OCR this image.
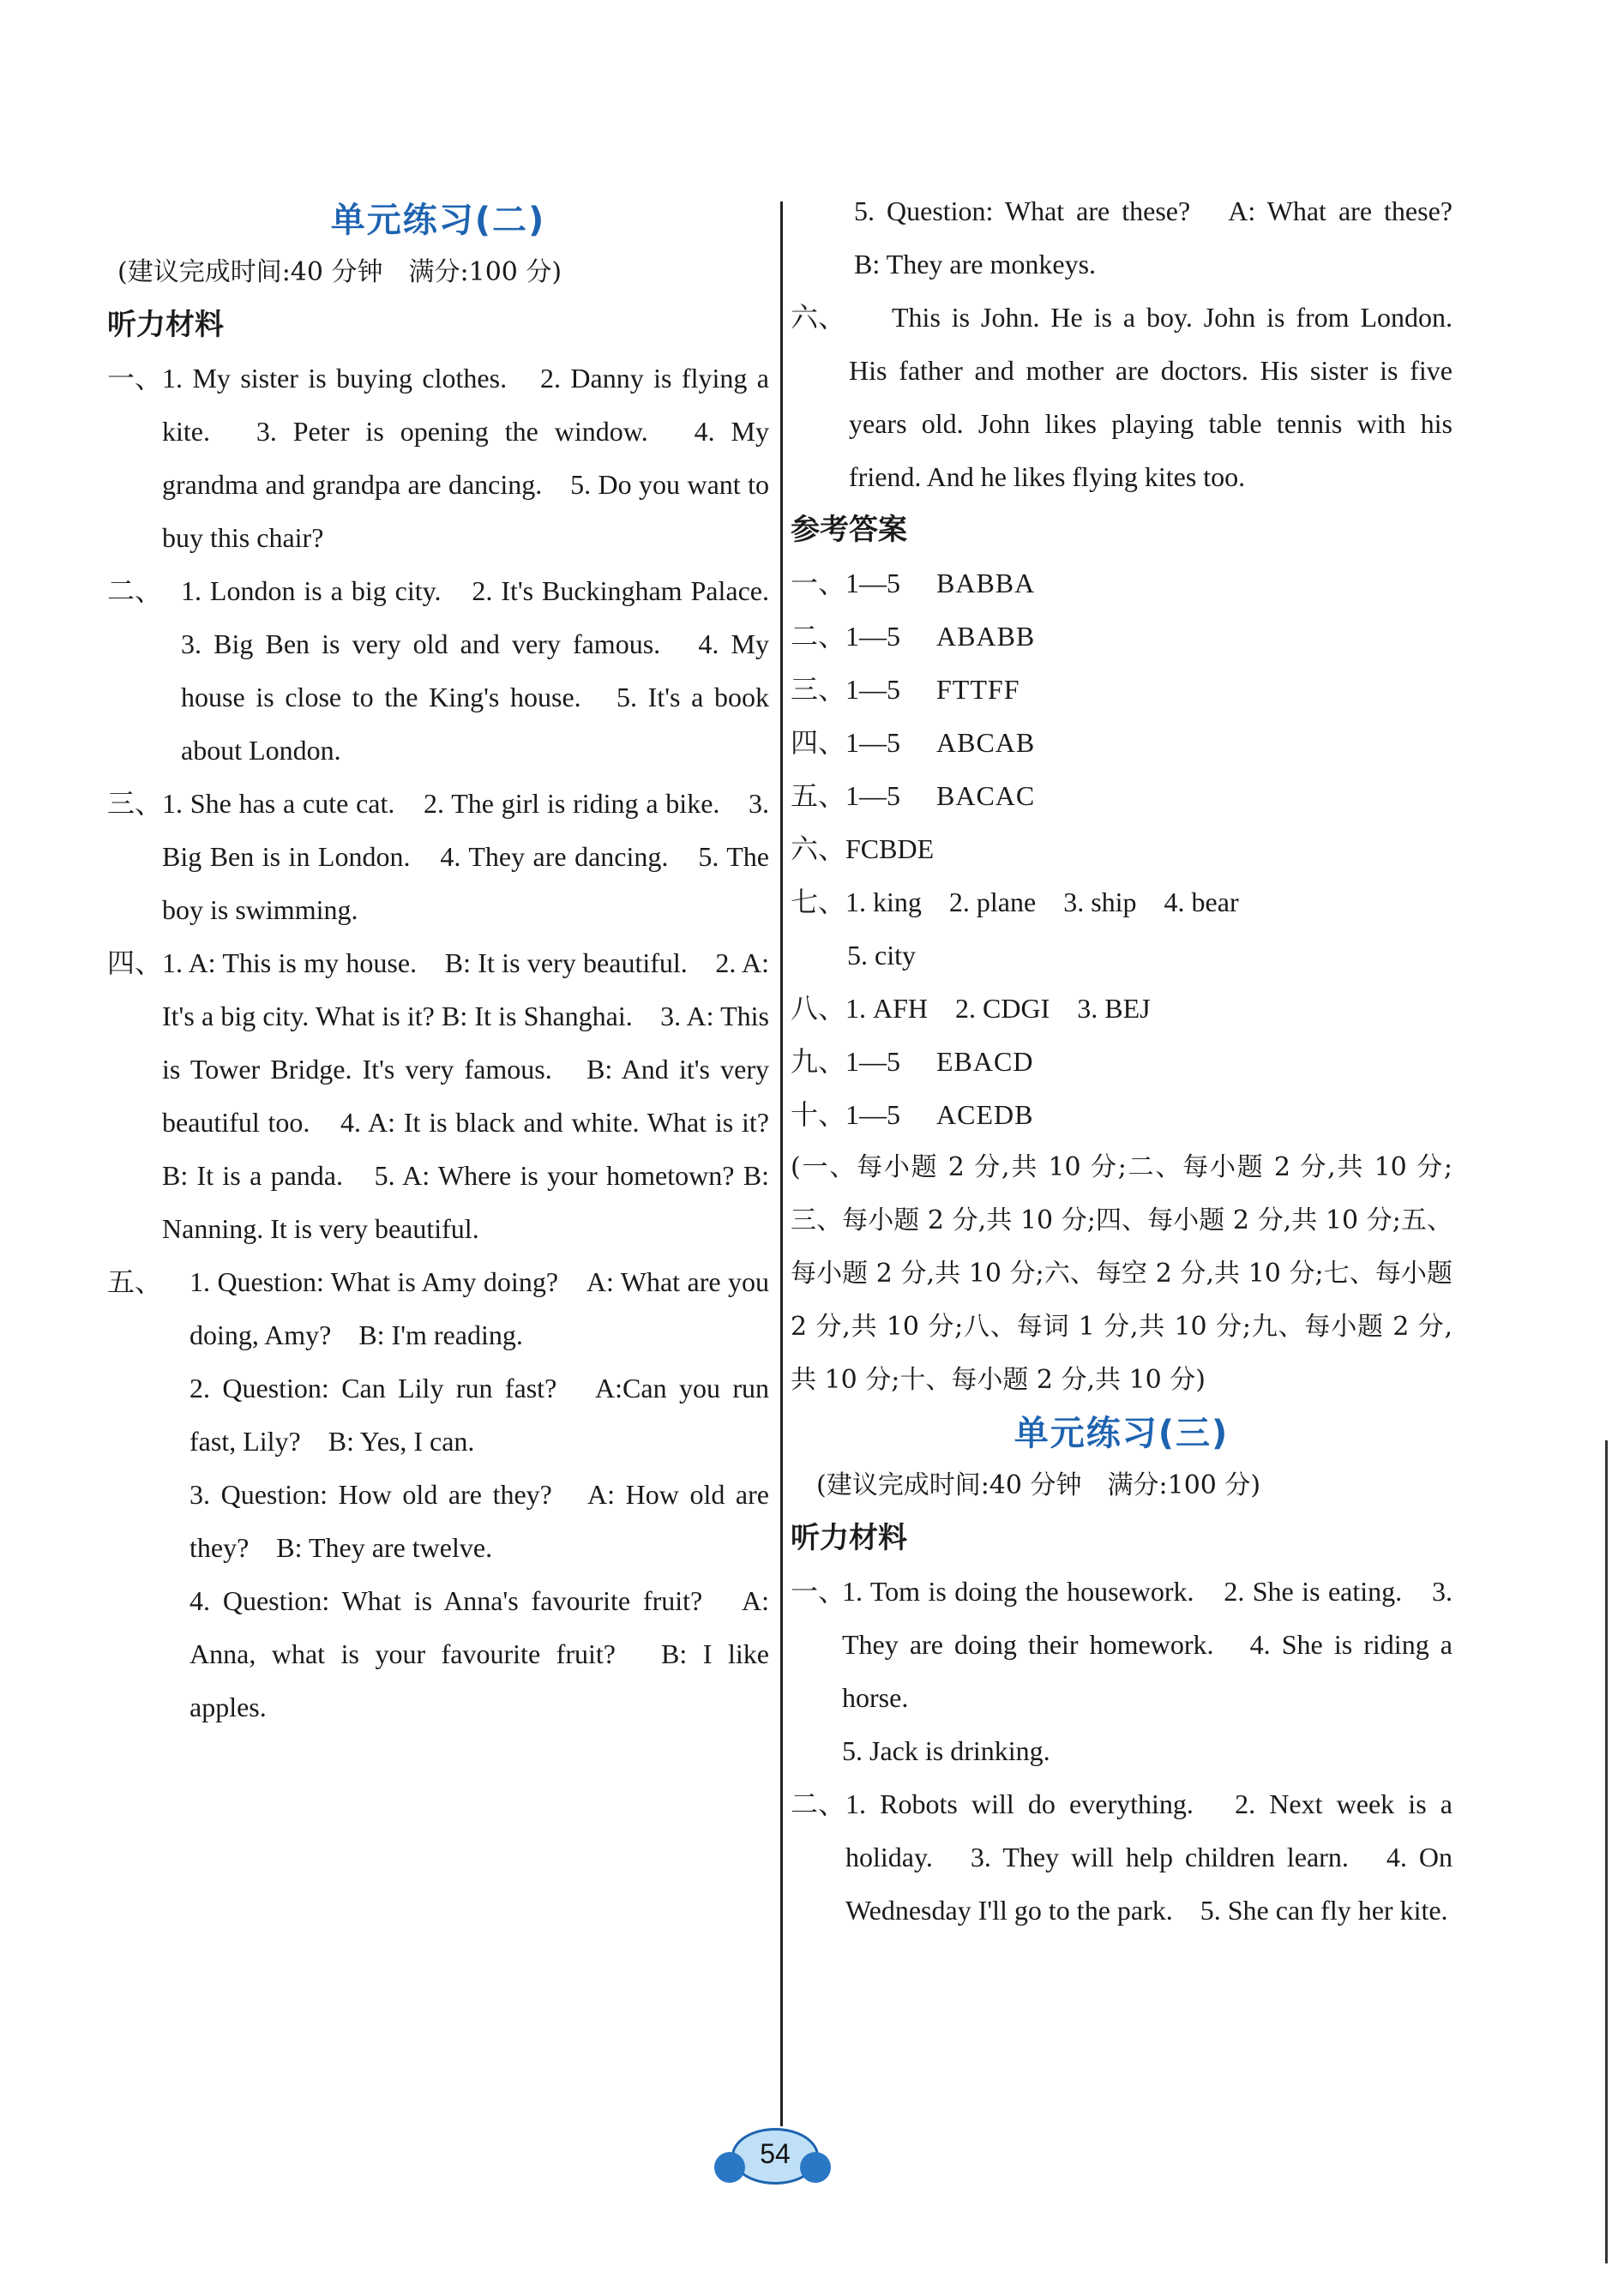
单元练习(二)
(建议完成时间:40 分钟　满分:100 分)
听力材料
一、 1. My sister is buying clothes.　2. Danny is flying a kite.　3. Peter is opening the window.　4. My grandma and grandpa are dancing.　5. Do you want to buy this chair?
二、 1. London is a big city.　2. It's Buckingham Palace.　3. Big Ben is very old and very famous.　4. My house is close to the King's house.　5. It's a book about London.
三、 1. She has a cute cat.　2. The girl is riding a bike.　3. Big Ben is in London.　4. They are dancing.　5. The boy is swimming.
四、 1. A: This is my house.　B: It is very beautiful.　2. A: It's a big city. What is it? B: It is Shanghai.　3. A: This is Tower Bridge. It's very famous.　B: And it's very beautiful too.　4. A: It is black and white. What is it? B: It is a panda.　5. A: Where is your hometown? B: Nanning. It is very beautiful.
五、 1. Question: What is Amy doing?　A: What are you doing, Amy?　B: I'm reading.
2. Question: Can Lily run fast?　A:Can you run fast, Lily?　B: Yes, I can.
3. Question: How old are they?　A: How old are they?　B: They are twelve.
4. Question: What is Anna's favourite fruit?　A: Anna, what is your favourite fruit?　B: I like apples.
5. Question: What are these?　A: What are these?　B: They are monkeys.
六、 This is John. He is a boy. John is from London. His father and mother are doctors. His sister is five years old. John likes playing table tennis with his friend. And he likes flying kites too.
参考答案
一、1—5	BABBA
二、1—5	ABABB
三、1—5	FTTFF
四、1—5	ABCAB
五、1—5	BACAC
六、FCBDE
七、1. king　2. plane　3. ship　4. bear
5. city
八、1. AFH　2. CDGI　3. BEJ
九、1—5	EBACD
十、1—5	ACEDB
(一、每小题 2 分,共 10 分;二、每小题 2 分,共 10 分;三、每小题 2 分,共 10 分;四、每小题 2 分,共 10 分;五、每小题 2 分,共 10 分;六、每空 2 分,共 10 分;七、每小题 2 分,共 10 分;八、每词 1 分,共 10 分;九、每小题 2 分,共 10 分;十、每小题 2 分,共 10 分)
单元练习(三)
(建议完成时间:40 分钟　满分:100 分)
听力材料
一、
1. Tom is doing the housework.　2. She is eating.　3. They are doing their homework.　4. She is riding a horse.
5. Jack is drinking.
二、 1. Robots will do everything.　2. Next week is a holiday.　3. They will help children learn.　4. On Wednesday I'll go to the park.　5. She can fly her kite.
54
